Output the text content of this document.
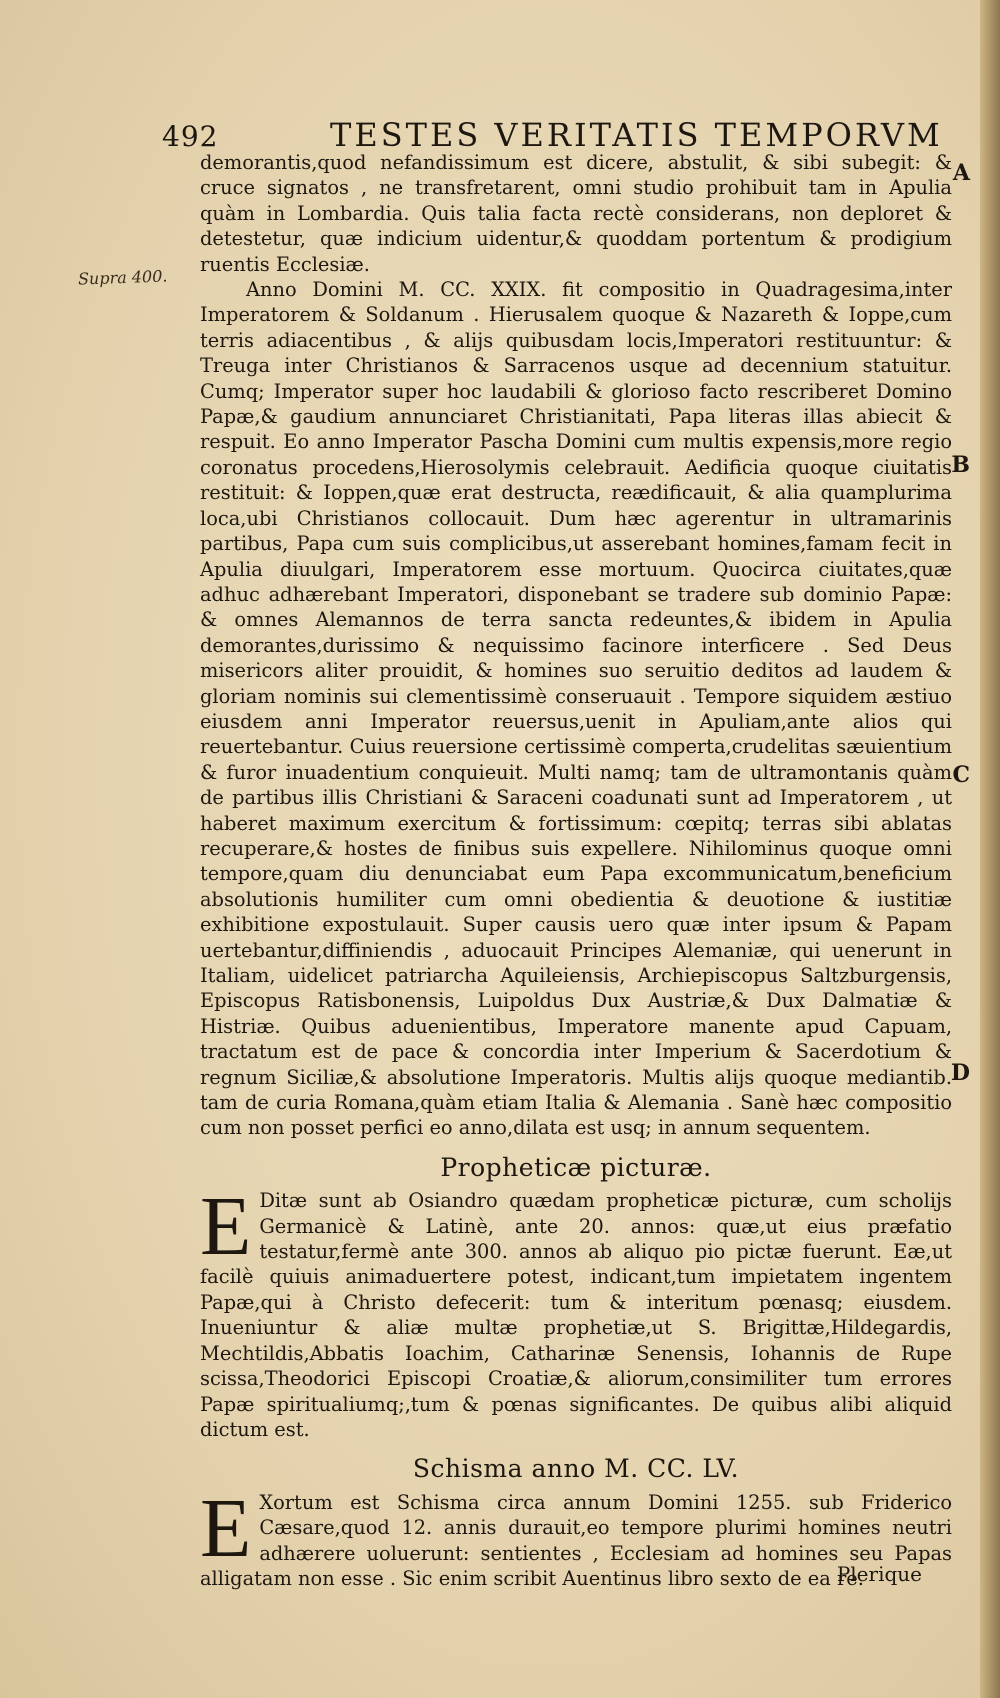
492	TESTES VERITATIS TEMPORVM
Supra 400.
A
B
C
D

demorantis,quod nefandissimum est dicere, abstulit, & sibi subegit: & cruce signatos , ne transfretarent, omni studio prohibuit tam in Apulia quàm in Lombardia. Quis talia facta rectè considerans, non deploret & detestetur, quæ indicium uidentur,& quoddam portentum & prodigium ruentis Ecclesiæ.

Anno Domini M. CC. XXIX. fit compositio in Quadragesima,inter Imperatorem & Soldanum . Hierusalem quoque & Nazareth & Ioppe,cum terris adiacentibus , & alijs quibusdam locis,Imperatori restituuntur: & Treuga inter Christianos & Sarracenos usque ad decennium statuitur. Cumq; Imperator super hoc laudabili & glorioso facto rescriberet Domino Papæ,& gaudium annunciaret Christianitati, Papa literas illas abiecit & respuit. Eo anno Imperator Pascha Domini cum multis expensis,more regio coronatus procedens,Hierosolymis celebrauit. Aedificia quoque ciuitatis restituit: & Ioppen,quæ erat destructa, reædificauit, & alia quamplurima loca,ubi Christianos collocauit. Dum hæc agerentur in ultramarinis partibus, Papa cum suis complicibus,ut asserebant homines,famam fecit in Apulia diuulgari, Imperatorem esse mortuum. Quocirca ciuitates,quæ adhuc adhærebant Imperatori, disponebant se tradere sub dominio Papæ: & omnes Alemannos de terra sancta redeuntes,& ibidem in Apulia demorantes,durissimo & nequissimo facinore interficere . Sed Deus misericors aliter prouidit, & homines suo seruitio deditos ad laudem & gloriam nominis sui clementissimè conseruauit . Tempore siquidem æstiuo eiusdem anni Imperator reuersus,uenit in Apuliam,ante alios qui reuertebantur. Cuius reuersione certissimè comperta,crudelitas sæuientium & furor inuadentium conquieuit. Multi namq; tam de ultramontanis quàm de partibus illis Christiani & Saraceni coadunati sunt ad Imperatorem , ut haberet maximum exercitum & fortissimum: cœpitq; terras sibi ablatas recuperare,& hostes de finibus suis expellere. Nihilominus quoque omni tempore,quam diu denunciabat eum Papa excommunicatum,beneficium absolutionis humiliter cum omni obedientia & deuotione & iustitiæ exhibitione expostulauit. Super causis uero quæ inter ipsum & Papam uertebantur,diffiniendis , aduocauit Principes Alemaniæ, qui uenerunt in Italiam, uidelicet patriarcha Aquileiensis, Archiepiscopus Saltzburgensis, Episcopus Ratisbonensis, Luipoldus Dux Austriæ,& Dux Dalmatiæ & Histriæ. Quibus aduenientibus, Imperatore manente apud Capuam, tractatum est de pace & concordia inter Imperium & Sacerdotium & regnum Siciliæ,& absolutione Imperatoris. Multis alijs quoque mediantib. tam de curia Romana,quàm etiam Italia & Alemania . Sanè hæc compositio cum non posset perfici eo anno,dilata est usq; in annum sequentem.

Propheticæ picturæ.

E Ditæ sunt ab Osiandro quædam propheticæ picturæ, cum scholijs Germanicè & Latinè, ante 20. annos: quæ,ut eius præfatio testatur,fermè ante 300. annos ab aliquo pio pictæ fuerunt. Eæ,ut facilè quiuis animaduertere potest, indicant,tum impietatem ingentem Papæ,qui à Christo defecerit: tum & interitum pœnasq; eiusdem. Inueniuntur & aliæ multæ prophetiæ,ut S. Brigittæ,Hildegardis, Mechtildis,Abbatis Ioachim, Catharinæ Senensis, Iohannis de Rupe scissa,Theodorici Episcopi Croatiæ,& aliorum,consimiliter tum errores Papæ spiritualiumq;,tum & pœnas significantes. De quibus alibi aliquid dictum est.

Schisma anno M. CC. LV.

E Xortum est Schisma circa annum Domini 1255. sub Friderico Cæsare,quod 12. annis durauit,eo tempore plurimi homines neutri adhærere uoluerunt: sentientes , Ecclesiam ad homines seu Papas alligatam non esse . Sic enim scribit Auentinus libro sexto de ea re.

Plerique
